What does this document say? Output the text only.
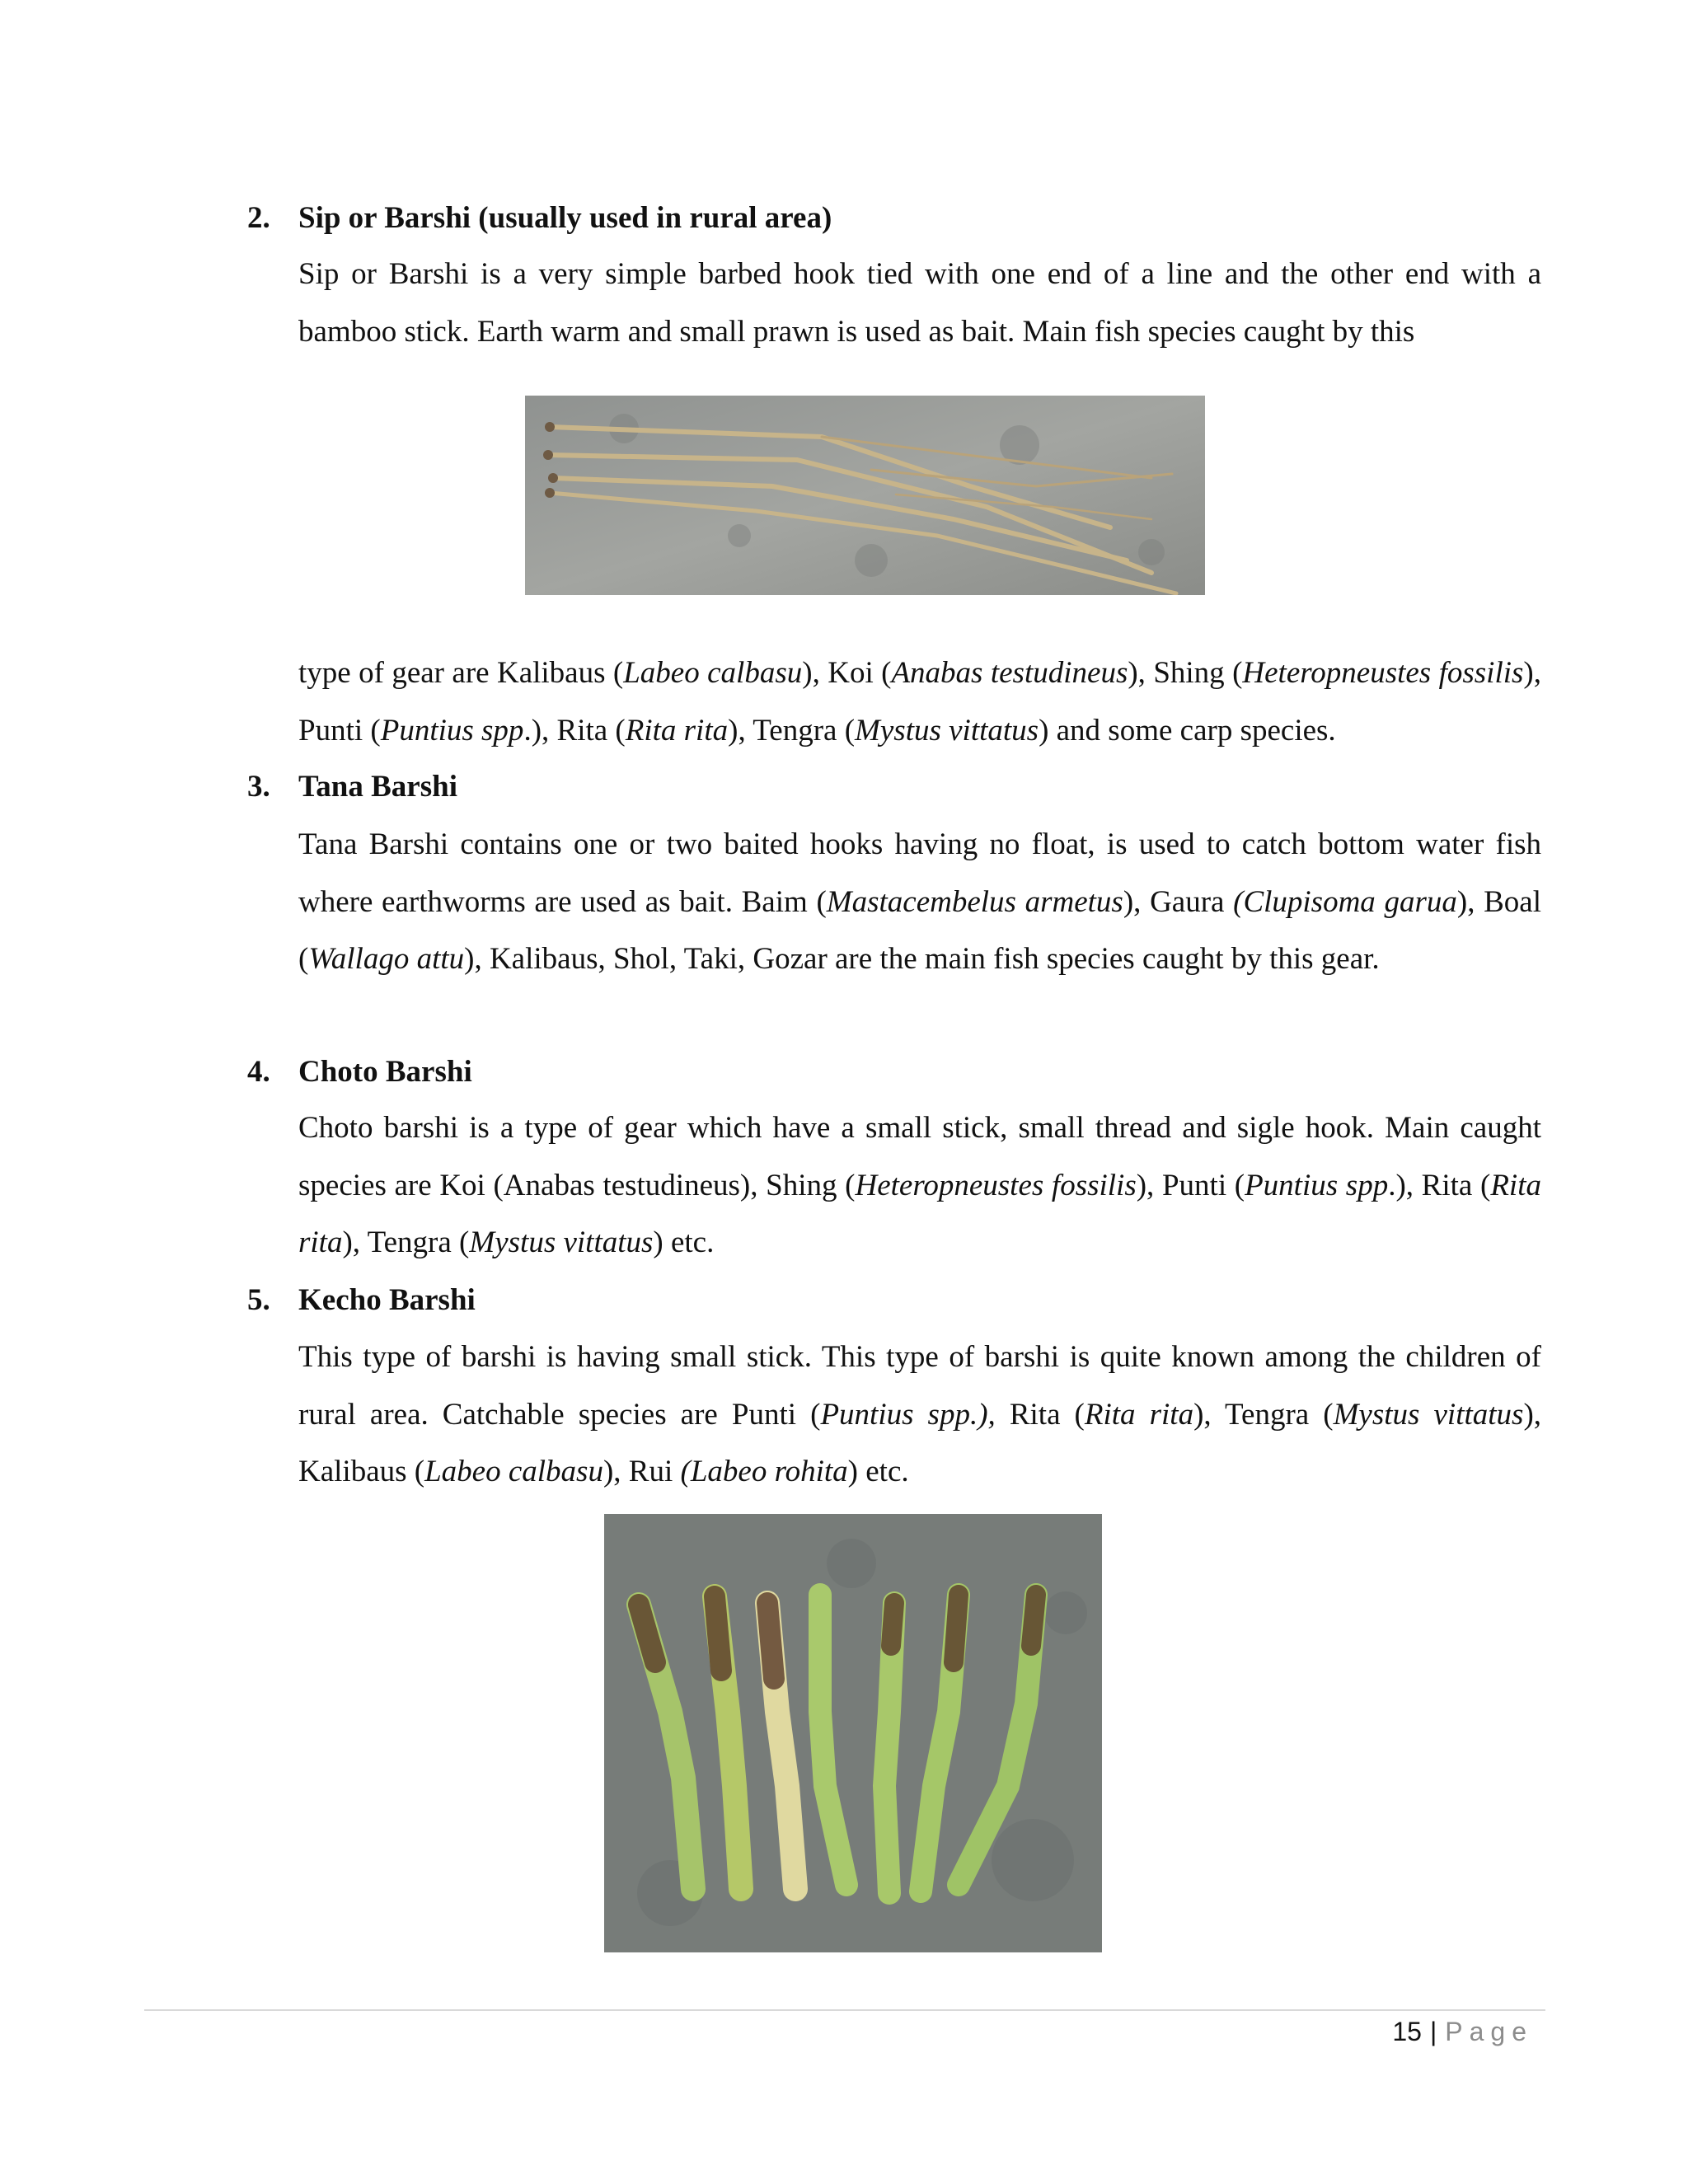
2. Sip or Barshi (usually used in rural area)
Sip or Barshi is a very simple barbed hook tied with one end of a line and the other end with a bamboo stick. Earth warm and small prawn is used as bait. Main fish species caught by this
type of gear are Kalibaus (Labeo calbasu), Koi (Anabas testudineus), Shing (Heteropneustes fossilis), Punti (Puntius spp.), Rita (Rita rita), Tengra (Mystus vittatus) and some carp species.
3. Tana Barshi
Tana Barshi contains one or two baited hooks having no float, is used to catch bottom water fish where earthworms are used as bait. Baim (Mastacembelus armetus), Gaura (Clupisoma garua), Boal (Wallago attu), Kalibaus, Shol, Taki, Gozar are the main fish species caught by this gear.
4. Choto Barshi
Choto barshi is a type of gear which have a small stick, small thread and sigle hook. Main caught species are Koi (Anabas testudineus), Shing (Heteropneustes fossilis), Punti (Puntius spp.), Rita (Rita rita), Tengra (Mystus vittatus) etc.
5. Kecho Barshi
This type of barshi is having small stick. This type of barshi is quite known among the children of rural area. Catchable species are Punti (Puntius spp.), Rita (Rita rita), Tengra (Mystus vittatus), Kalibaus (Labeo calbasu), Rui (Labeo rohita) etc.
15 | Page
